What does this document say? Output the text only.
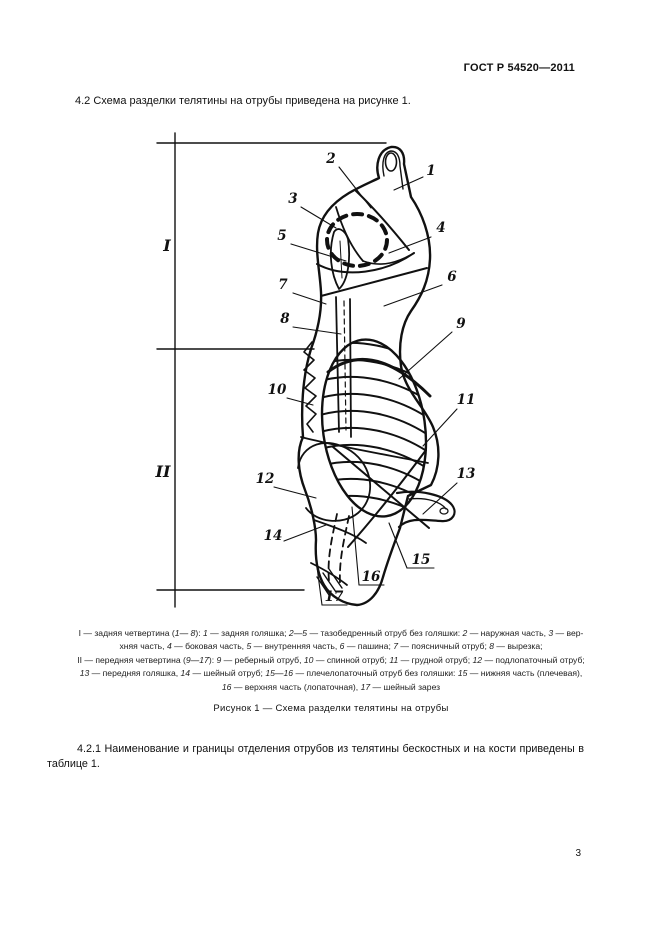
ГОСТ Р 54520—2011

4.2 Схема разделки телятины на отрубы приведена на рисунке 1.

I
II
1
2
3
4
5
6
7
8	9
10
11
12	13
14
15
16
17
I — задняя четвертина (1— 8): 1 — задняя голяшка; 2—5 — тазобедренный отруб без голяшки: 2 — наружная часть, 3 — вер-
хняя часть, 4 — боковая часть, 5 — внутренняя часть, 6 — пашина; 7 — поясничный отруб; 8 — вырезка;
II — передняя четвертина (9—17): 9 — реберный отруб, 10 — спинной отруб; 11 — грудной отруб; 12 — подлопаточный отруб;
13 — передняя голяшка, 14 — шейный отруб; 15—16 — плечелопаточный отруб без голяшки: 15 — нижняя часть (плечевая),
16 — верхняя часть (лопаточная), 17 — шейный зарез
Рисунок 1 — Схема разделки телятины на отрубы

4.2.1 Наименование и границы отделения отрубов из телятины бескостных и на кости приведены в таблице 1.

3
